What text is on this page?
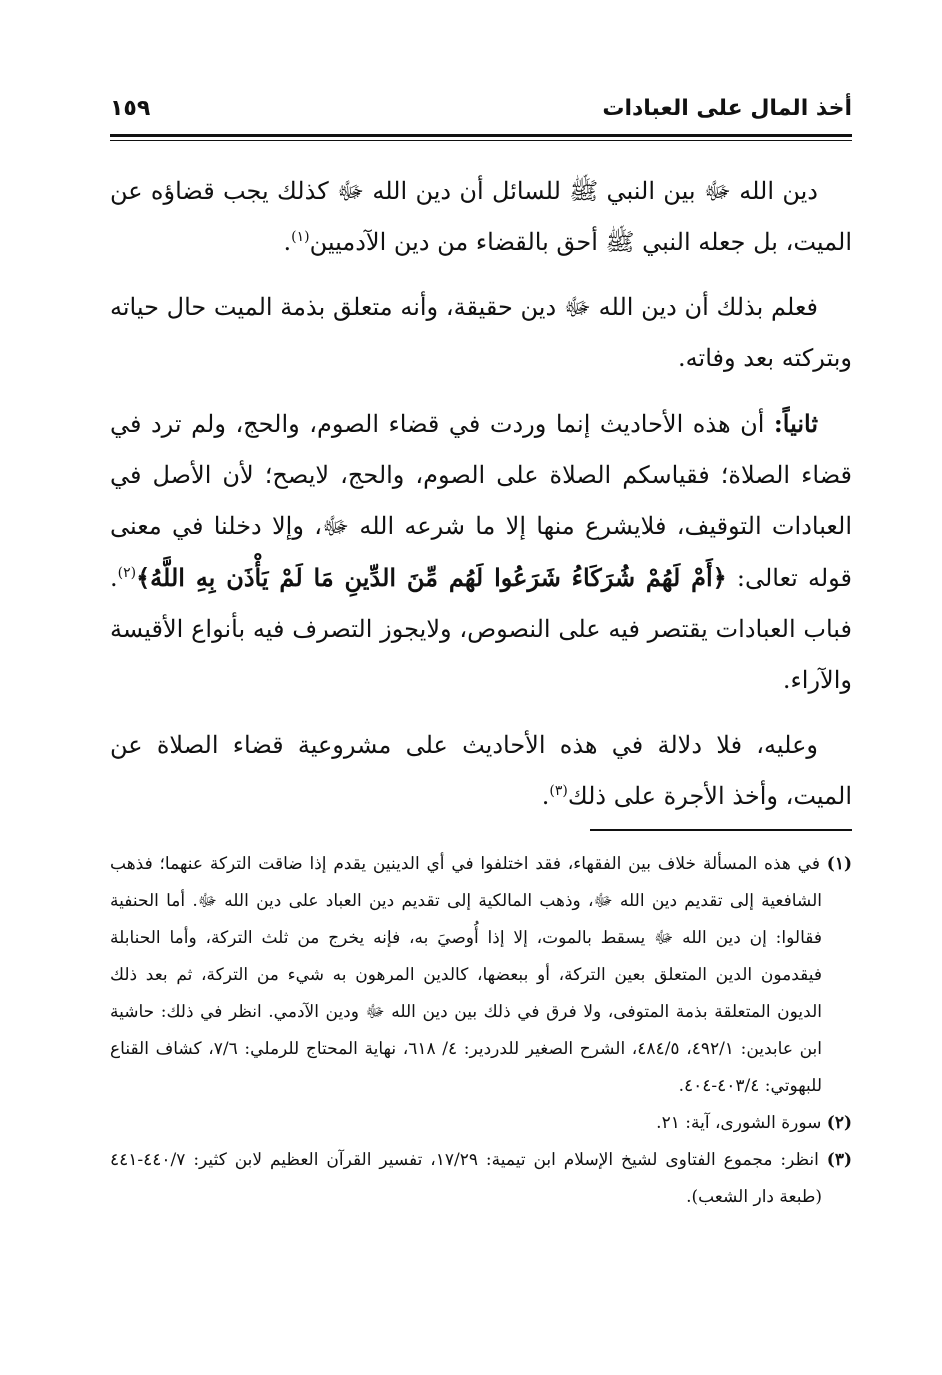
أخذ المال على العبادات
١٥٩

دين الله ﷻ بين النبي ﷺ للسائل أن دين الله ﷻ كذلك يجب قضاؤه عن الميت، بل جعله النبي ﷺ أحق بالقضاء من دين الآدميين$^{(١)}$.

فعلم بذلك أن دين الله ﷻ دين حقيقة، وأنه متعلق بذمة الميت حال حياته وبتركته بعد وفاته.

ثانياً: أن هذه الأحاديث إنما وردت في قضاء الصوم، والحج، ولم ترد في قضاء الصلاة؛ فقياسكم الصلاة على الصوم، والحج، لايصح؛ لأن الأصل في العبادات التوقيف، فلايشرع منها إلا ما شرعه الله ﷻ، وإلا دخلنا في معنى قوله تعالى: ﴿أَمْ لَهُمْ شُرَكَاءُ شَرَعُوا لَهُم مِّنَ الدِّينِ مَا لَمْ يَأْذَن بِهِ اللَّهُ﴾$^{(٢)}$. فباب العبادات يقتصر فيه على النصوص، ولايجوز التصرف فيه بأنواع الأقيسة والآراء.

وعليه، فلا دلالة في هذه الأحاديث على مشروعية قضاء الصلاة عن الميت، وأخذ الأجرة على ذلك$^{(٣)}$.

(١) في هذه المسألة خلاف بين الفقهاء، فقد اختلفوا في أي الدينين يقدم إذا ضاقت التركة عنهما؛ فذهب الشافعية إلى تقديم دين الله ﷻ، وذهب المالكية إلى تقديم دين العباد على دين الله ﷻ. أما الحنفية فقالوا: إن دين الله ﷻ يسقط بالموت، إلا إذا أُوصيَ به، فإنه يخرج من ثلث التركة، وأما الحنابلة فيقدمون الدين المتعلق بعين التركة، أو ببعضها، كالدين المرهون به شيء من التركة، ثم بعد ذلك الديون المتعلقة بذمة المتوفى، ولا فرق في ذلك بين دين الله ﷻ ودين الآدمي. انظر في ذلك: حاشية ابن عابدين: ٤٩٢/١، ٤٨٤/٥، الشرح الصغير للدردير: ٤/ ٦١٨، نهاية المحتاج للرملي: ٧/٦، كشاف القناع للبهوتي: ٤٠٣/٤-٤٠٤.

(٢) سورة الشورى، آية: ٢١.

(٣) انظر: مجموع الفتاوى لشيخ الإسلام ابن تيمية: ١٧/٢٩، تفسير القرآن العظيم لابن كثير: ٤٤٠/٧-٤٤١ (طبعة دار الشعب).
